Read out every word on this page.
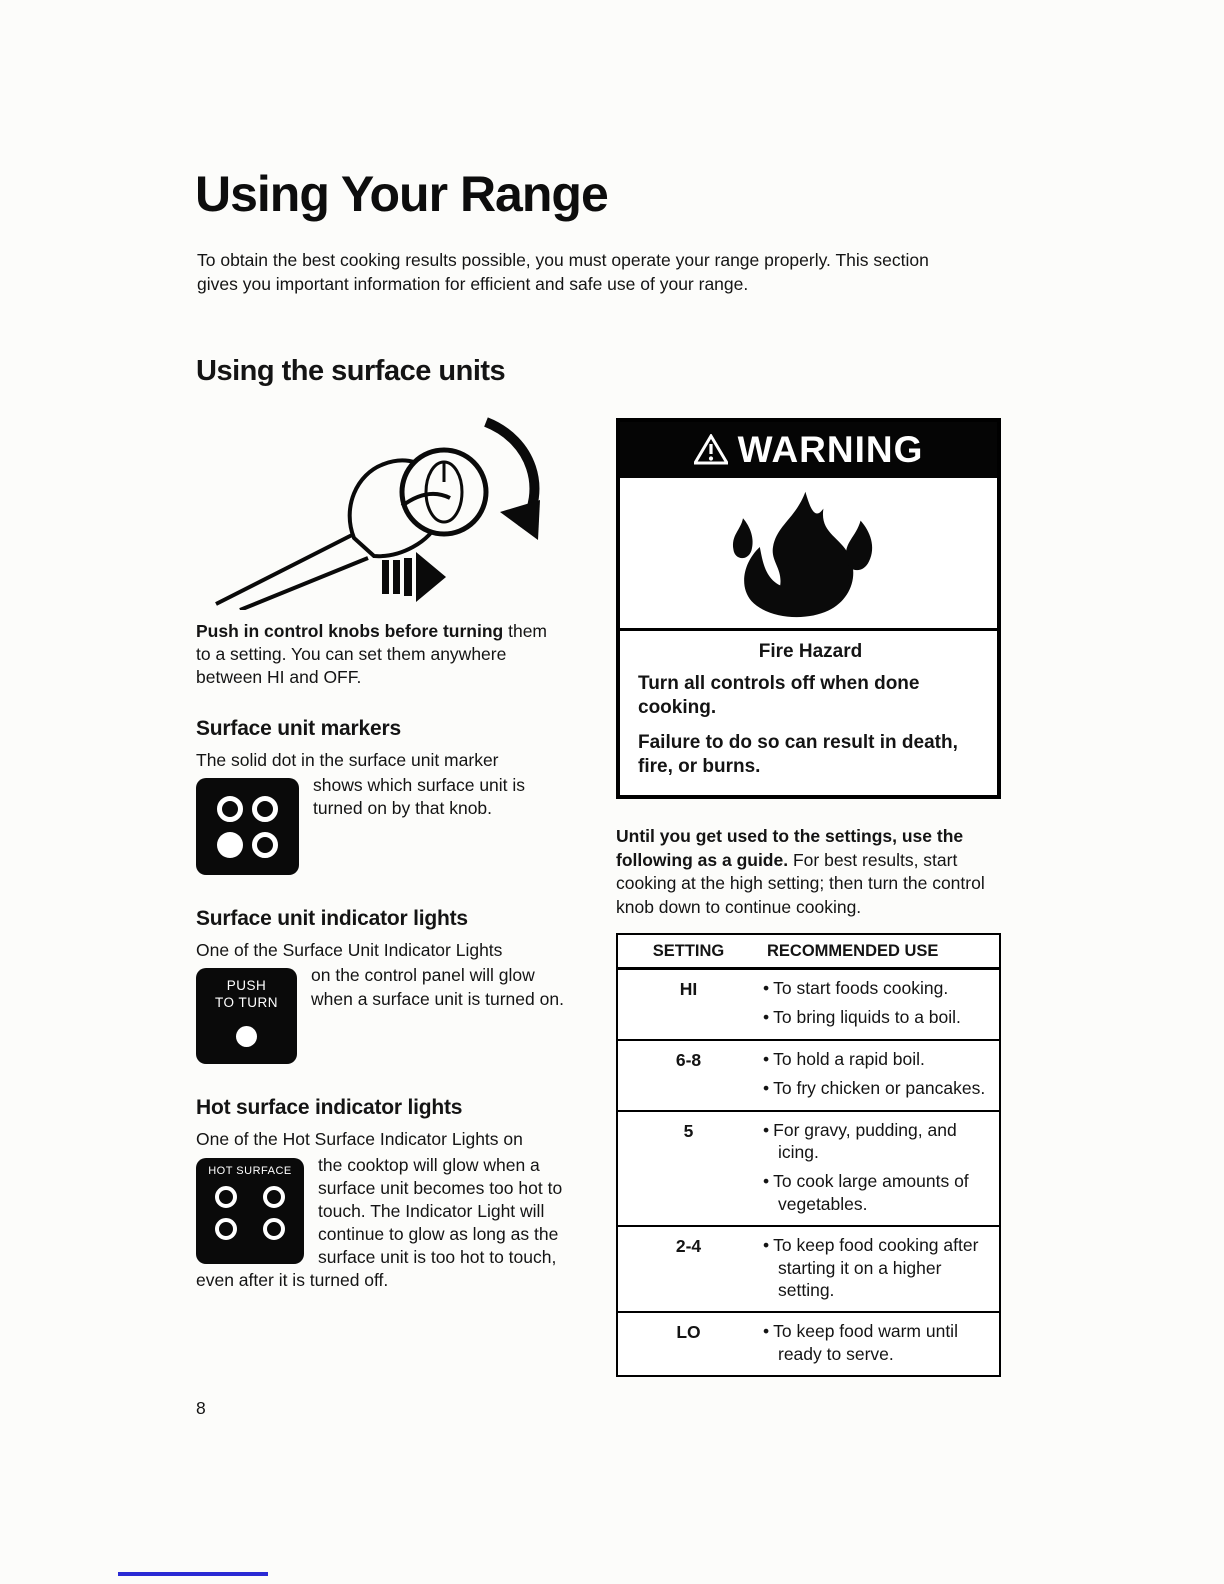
Using Your Range

To obtain the best cooking results possible, you must operate your range properly. This section gives you important information for efficient and safe use of your range.

Using the surface units

Push in control knobs before turning them to a setting. You can set them anywhere between HI and OFF.

Surface unit markers

The solid dot in the surface unit marker

shows which surface unit is turned on by that knob.
Surface unit indicator lights

One of the Surface Unit Indicator Lights

PUSH
TO TURN
on the control panel will glow when a surface unit is turned on.
Hot surface indicator lights

One of the Hot Surface Indicator Lights on

HOT SURFACE the cooktop will glow when a surface unit becomes too hot to touch. The Indicator Light will continue to glow as long as the surface unit is too hot to touch, even after it is turned off.
WARNING
Fire Hazard

Turn all controls off when done cooking.

Failure to do so can result in death, fire, or burns.

Until you get used to the settings, use the following as a guide. For best results, start cooking at the high setting; then turn the control knob down to continue cooking.

SETTING	RECOMMENDED USE
HI	• To start foods cooking.
• To bring liquids to a boil.

6-8	• To hold a rapid boil.
• To fry chicken or pancakes.

5	• For gravy, pudding, and icing.
• To cook large amounts of vegetables.

2-4	• To keep food cooking after starting it on a higher setting.

LO	• To keep food warm until ready to serve.
8
